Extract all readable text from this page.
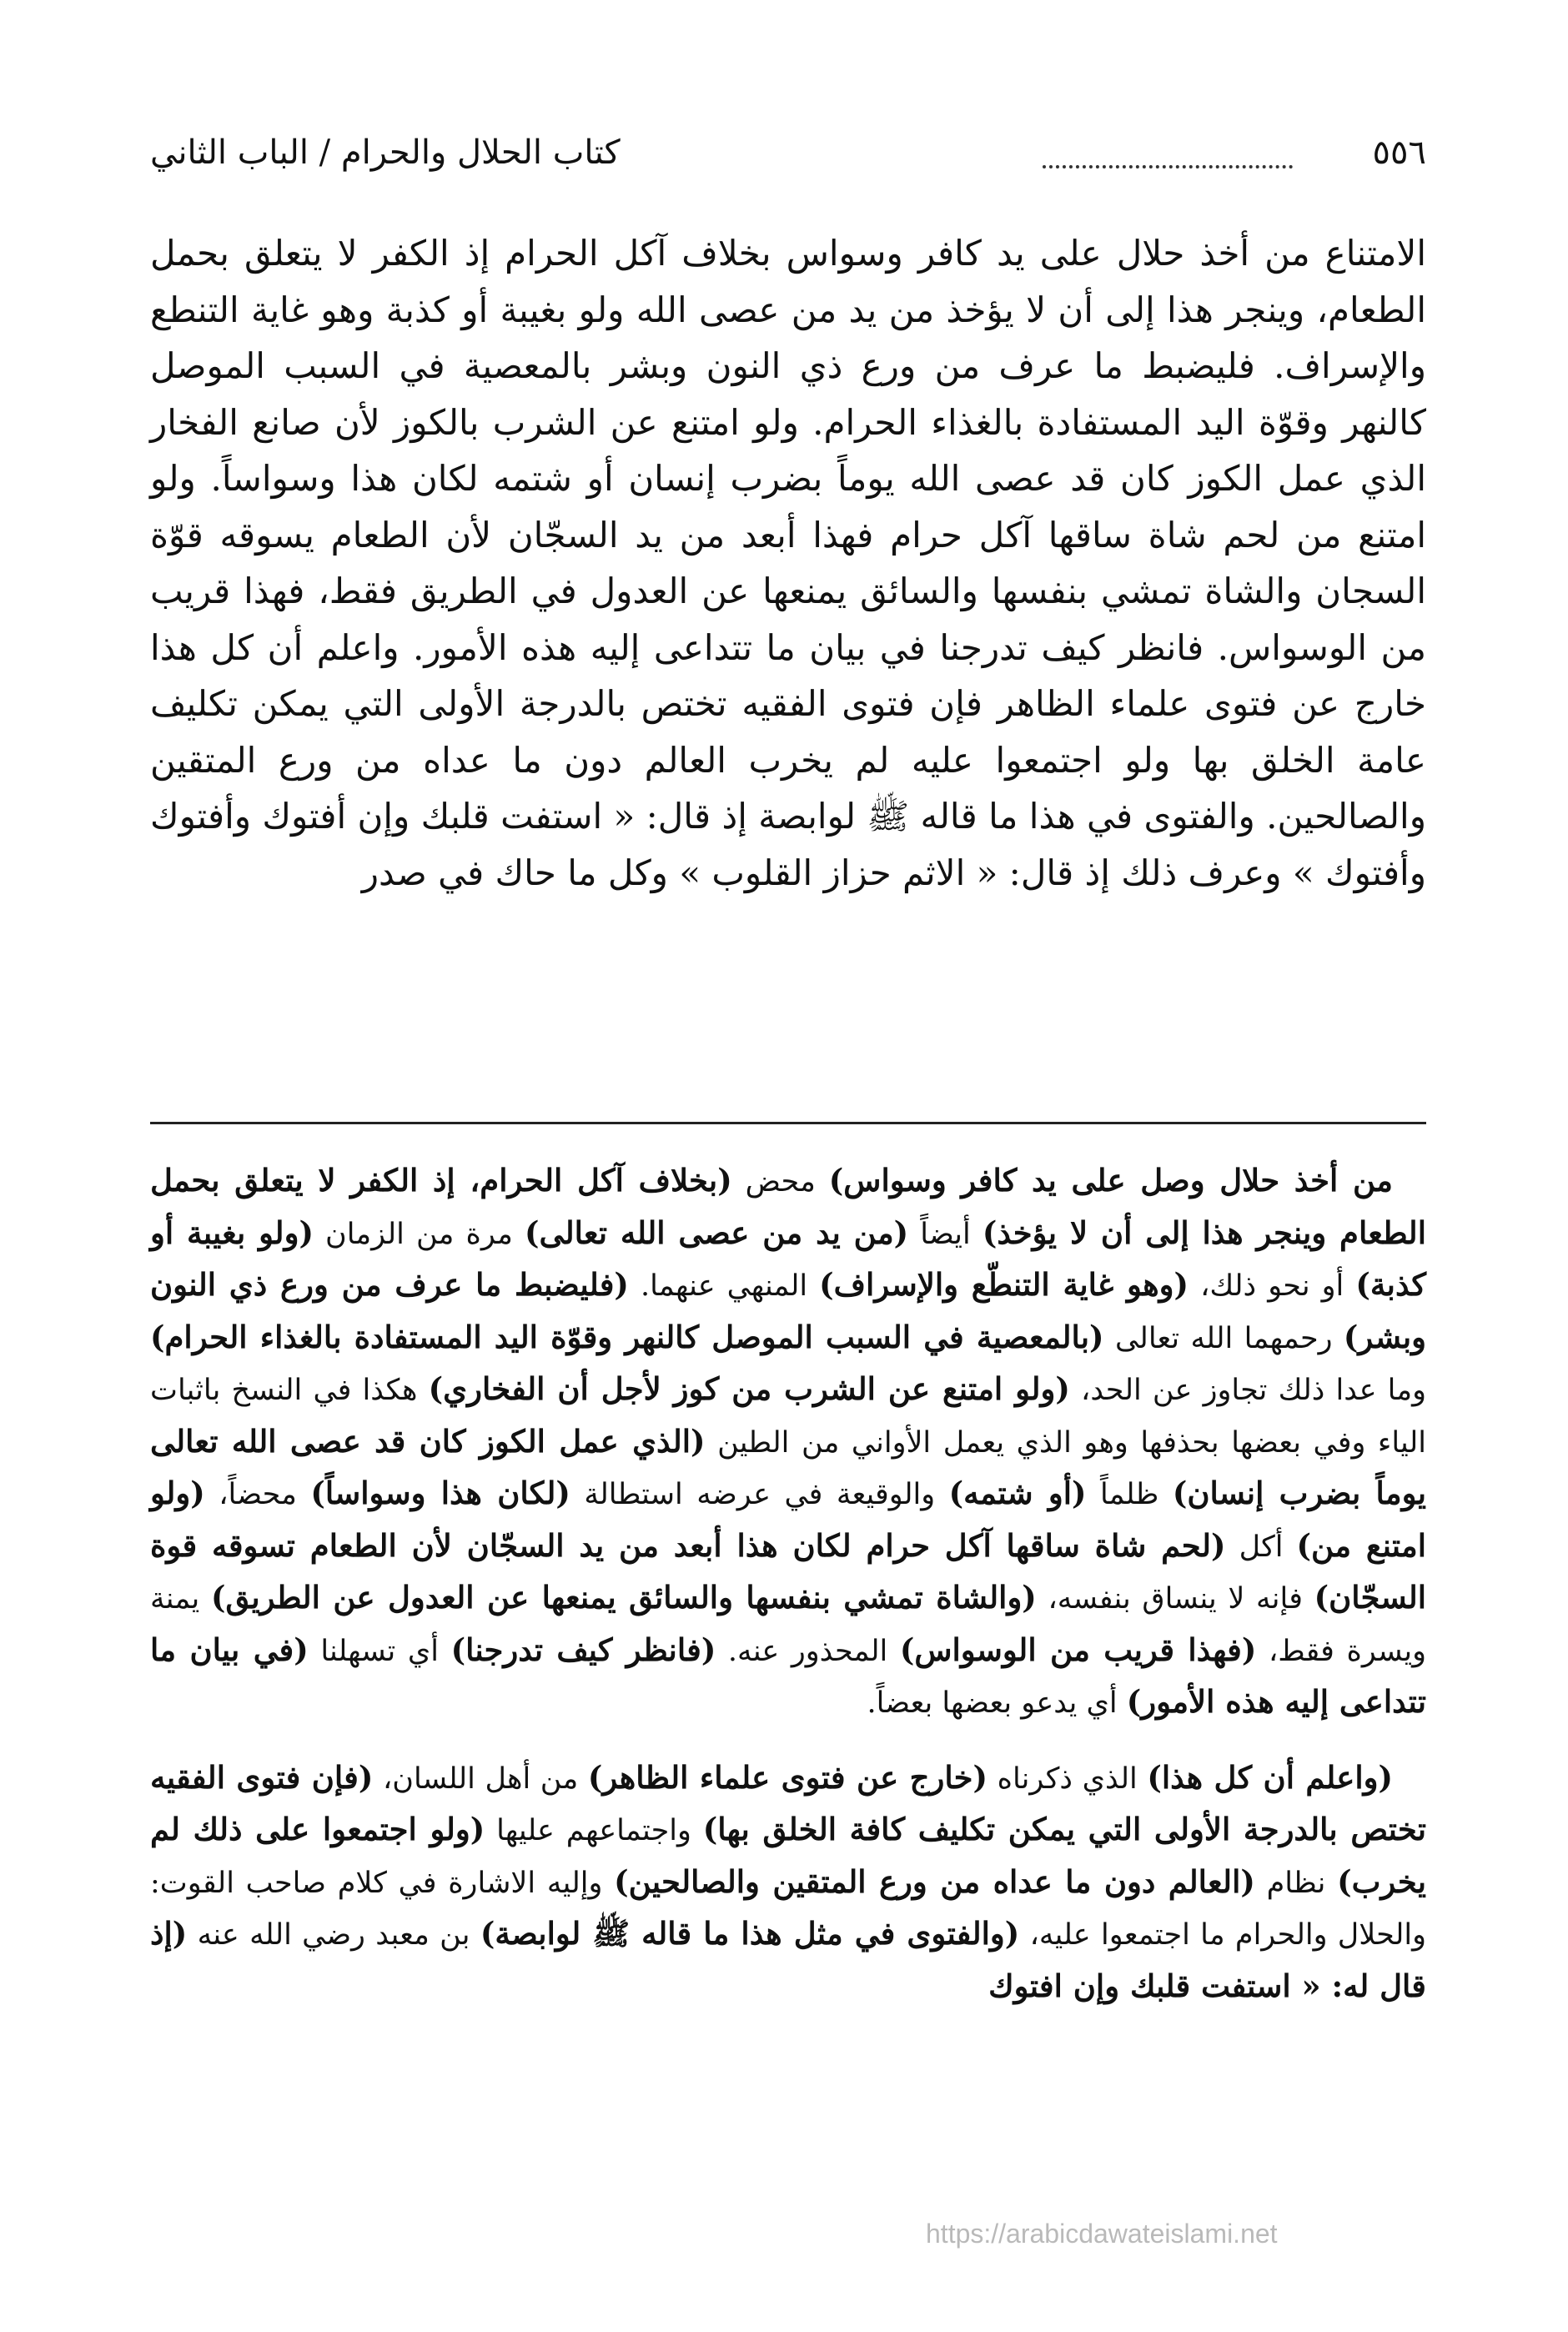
٥٥٦
كتاب الحلال والحرام / الباب الثاني

الامتناع من أخذ حلال على يد كافر وسواس بخلاف آكل الحرام إذ الكفر لا يتعلق بحمل الطعام، وينجر هذا إلى أن لا يؤخذ من يد من عصى الله ولو بغيبة أو كذبة وهو غاية التنطع والإسراف. فليضبط ما عرف من ورع ذي النون وبشر بالمعصية في السبب الموصل كالنهر وقوّة اليد المستفادة بالغذاء الحرام. ولو امتنع عن الشرب بالكوز لأن صانع الفخار الذي عمل الكوز كان قد عصى الله يوماً بضرب إنسان أو شتمه لكان هذا وسواساً. ولو امتنع من لحم شاة ساقها آكل حرام فهذا أبعد من يد السجّان لأن الطعام يسوقه قوّة السجان والشاة تمشي بنفسها والسائق يمنعها عن العدول في الطريق فقط، فهذا قريب من الوسواس. فانظر كيف تدرجنا في بيان ما تتداعى إليه هذه الأمور. واعلم أن كل هذا خارج عن فتوى علماء الظاهر فإن فتوى الفقيه تختص بالدرجة الأولى التي يمكن تكليف عامة الخلق بها ولو اجتمعوا عليه لم يخرب العالم دون ما عداه من ورع المتقين والصالحين. والفتوى في هذا ما قاله ﷺ لوابصة إذ قال: « استفت قلبك وإن أفتوك وأفتوك وأفتوك » وعرف ذلك إذ قال: « الاثم حزاز القلوب » وكل ما حاك في صدر

من أخذ حلال وصل على يد كافر وسواس) محض (بخلاف آكل الحرام، إذ الكفر لا يتعلق بحمل الطعام وينجر هذا إلى أن لا يؤخذ) أيضاً (من يد من عصى الله تعالى) مرة من الزمان (ولو بغيبة أو كذبة) أو نحو ذلك، (وهو غاية التنطّع والإسراف) المنهي عنهما. (فليضبط ما عرف من ورع ذي النون وبشر) رحمهما الله تعالى (بالمعصية في السبب الموصل كالنهر وقوّة اليد المستفادة بالغذاء الحرام) وما عدا ذلك تجاوز عن الحد، (ولو امتنع عن الشرب من كوز لأجل أن الفخاري) هكذا في النسخ باثبات الياء وفي بعضها بحذفها وهو الذي يعمل الأواني من الطين (الذي عمل الكوز كان قد عصى الله تعالى يوماً بضرب إنسان) ظلماً (أو شتمه) والوقيعة في عرضه استطالة (لكان هذا وسواساً) محضاً، (ولو امتنع من) أكل (لحم شاة ساقها آكل حرام لكان هذا أبعد من يد السجّان لأن الطعام تسوقه قوة السجّان) فإنه لا ينساق بنفسه، (والشاة تمشي بنفسها والسائق يمنعها عن العدول عن الطريق) يمنة ويسرة فقط، (فهذا قريب من الوسواس) المحذور عنه. (فانظر كيف تدرجنا) أي تسهلنا (في بيان ما تتداعى إليه هذه الأمور) أي يدعو بعضها بعضاً.

(واعلم أن كل هذا) الذي ذكرناه (خارج عن فتوى علماء الظاهر) من أهل اللسان، (فإن فتوى الفقيه تختص بالدرجة الأولى التي يمكن تكليف كافة الخلق بها) واجتماعهم عليها (ولو اجتمعوا على ذلك لم يخرب) نظام (العالم دون ما عداه من ورع المتقين والصالحين) وإليه الاشارة في كلام صاحب القوت: والحلال والحرام ما اجتمعوا عليه، (والفتوى في مثل هذا ما قاله ﷺ لوابصة) بن معبد رضي الله عنه (إذ قال له: « استفت قلبك وإن افتوك

https://arabicdawateislami.net
